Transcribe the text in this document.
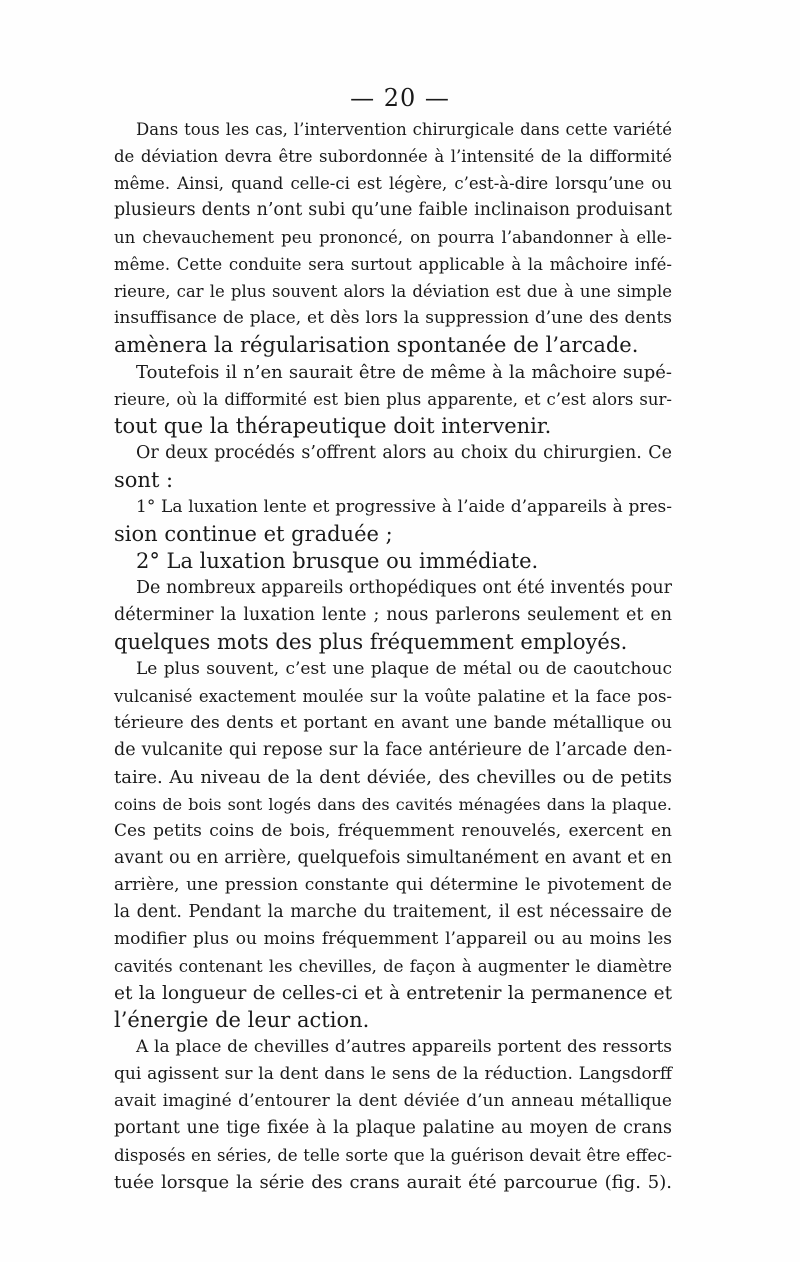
— 20 —
Dans tous les cas, l’intervention chirurgicale dans cette variété
de déviation devra être subordonnée à l’intensité de la difformité
même. Ainsi, quand celle-ci est légère, c’est-à-dire lorsqu’une ou
plusieurs dents n’ont subi qu’une faible inclinaison produisant
un chevauchement peu prononcé, on pourra l’abandonner à elle-
même. Cette conduite sera surtout applicable à la mâchoire infé-
rieure, car le plus souvent alors la déviation est due à une simple
insuffisance de place, et dès lors la suppression d’une des dents
amènera la régularisation spontanée de l’arcade.
Toutefois il n’en saurait être de même à la mâchoire supé-
rieure, où la difformité est bien plus apparente, et c’est alors sur-
tout que la thérapeutique doit intervenir.
Or deux procédés s’offrent alors au choix du chirurgien. Ce
sont :
1° La luxation lente et progressive à l’aide d’appareils à pres-
sion continue et graduée ;
2° La luxation brusque ou immédiate.
De nombreux appareils orthopédiques ont été inventés pour
déterminer la luxation lente ; nous parlerons seulement et en
quelques mots des plus fréquemment employés.
Le plus souvent, c’est une plaque de métal ou de caoutchouc
vulcanisé exactement moulée sur la voûte palatine et la face pos-
térieure des dents et portant en avant une bande métallique ou
de vulcanite qui repose sur la face antérieure de l’arcade den-
taire. Au niveau de la dent déviée, des chevilles ou de petits
coins de bois sont logés dans des cavités ménagées dans la plaque.
Ces petits coins de bois, fréquemment renouvelés, exercent en
avant ou en arrière, quelquefois simultanément en avant et en
arrière, une pression constante qui détermine le pivotement de
la dent. Pendant la marche du traitement, il est nécessaire de
modifier plus ou moins fréquemment l’appareil ou au moins les
cavités contenant les chevilles, de façon à augmenter le diamètre
et la longueur de celles-ci et à entretenir la permanence et
l’énergie de leur action.
A la place de chevilles d’autres appareils portent des ressorts
qui agissent sur la dent dans le sens de la réduction. Langsdorff
avait imaginé d’entourer la dent déviée d’un anneau métallique
portant une tige fixée à la plaque palatine au moyen de crans
disposés en séries, de telle sorte que la guérison devait être effec-
tuée lorsque la série des crans aurait été parcourue (fig. 5).
